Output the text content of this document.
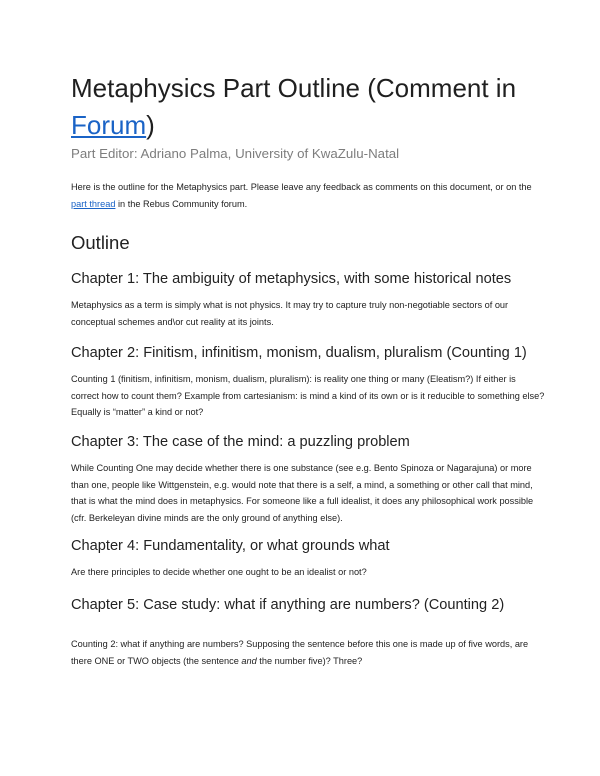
Metaphysics Part Outline (Comment in
Forum)

Part Editor: Adriano Palma, University of KwaZulu-Natal

Here is the outline for the Metaphysics part. Please leave any feedback as comments on this document, or on the part thread in the Rebus Community forum.

Outline
Chapter 1: The ambiguity of metaphysics, with some historical notes

Metaphysics as a term is simply what is not physics. It may try to capture truly non-negotiable sectors of our conceptual schemes and\or cut reality at its joints.

Chapter 2: Finitism, infinitism, monism, dualism, pluralism (Counting 1)

Counting 1 (finitism, infinitism, monism, dualism, pluralism): is reality one thing or many (Eleatism?) If either is correct how to count them? Example from cartesianism: is mind a kind of its own or is it reducible to something else? Equally is “matter” a kind or not?

Chapter 3: The case of the mind: a puzzling problem

While Counting One may decide whether there is one substance (see e.g. Bento Spinoza or Nagarajuna) or more than one, people like Wittgenstein, e.g. would note that there is a self, a mind, a something or other call that mind, that is what the mind does in metaphysics. For someone like a full idealist, it does any philosophical work possible (cfr. Berkeleyan divine minds are the only ground of anything else).

Chapter 4: Fundamentality, or what grounds what

Are there principles to decide whether one ought to be an idealist or not?

Chapter 5: Case study: what if anything are numbers? (Counting 2)

Counting 2: what if anything are numbers? Supposing the sentence before this one is made up of five words, are there ONE or TWO objects (the sentence and the number five)? Three?
